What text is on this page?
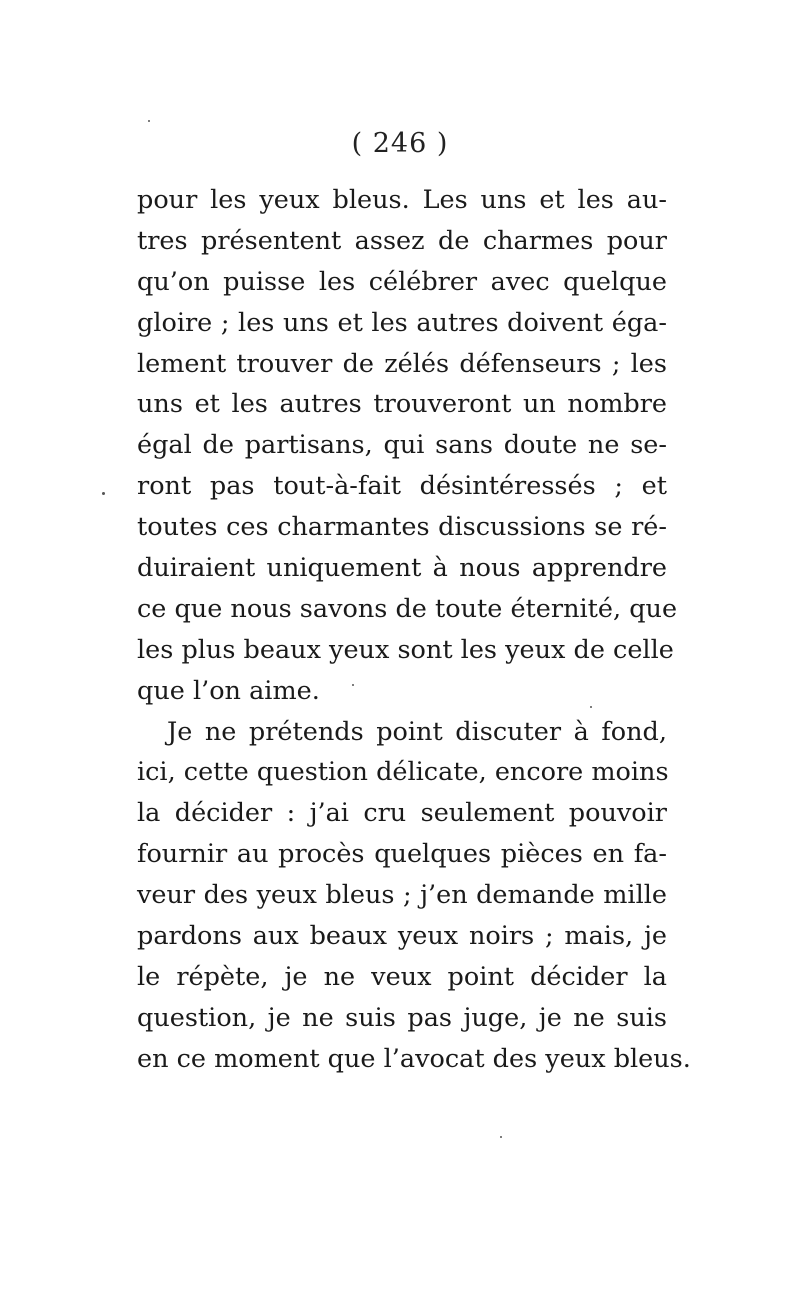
( 246 )
pour les yeux bleus. Les uns et les au-
tres présentent assez de charmes pour
qu’on puisse les célébrer avec quelque
gloire ; les uns et les autres doivent éga-
lement trouver de zélés défenseurs ; les
uns et les autres trouveront un nombre
égal de partisans, qui sans doute ne se-
ront pas tout-à-fait désintéressés ; et
toutes ces charmantes discussions se ré-
duiraient uniquement à nous apprendre
ce que nous savons de toute éternité, que
les plus beaux yeux sont les yeux de celle
que l’on aime.
Je ne prétends point discuter à fond,
ici, cette question délicate, encore moins
la décider : j’ai cru seulement pouvoir
fournir au procès quelques pièces en fa-
veur des yeux bleus ; j’en demande mille
pardons aux beaux yeux noirs ; mais, je
le répète, je ne veux point décider la
question, je ne suis pas juge, je ne suis
en ce moment que l’avocat des yeux bleus.
